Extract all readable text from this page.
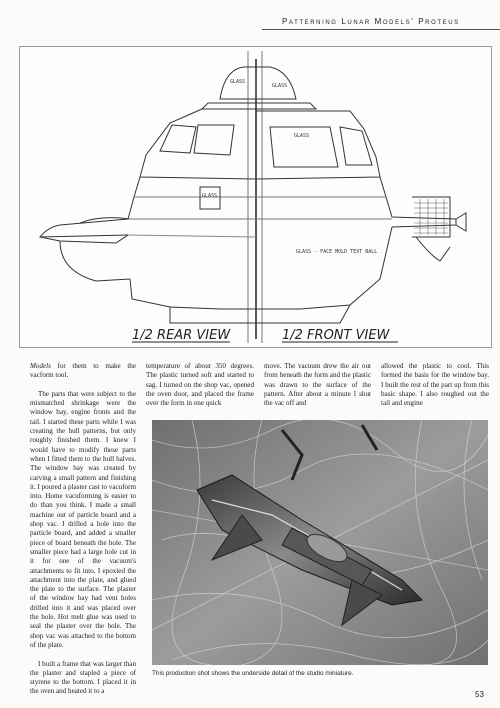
Patterning Lunar Models' Proteus
GLASS
GLASS
GLASS
GLASS
GLASS - FACE MOLD TEXT BALL
1/2 REAR VIEW	1/2 FRONT VIEW

Models for them to make the vacform tool.

The parts that were subject to the mismatched shrinkage were the window bay, engine fronts and the tail. I started these parts while I was creating the hull patterns, but only roughly finished them. I knew I would have to modify these parts when I fitted them to the hull halves. The window bay was created by carving a small pattern and finishing it. I poured a plaster cast to vacuform into. Home vacuforming is easier to do than you think. I made a small machine out of particle board and a shop vac. I drilled a hole into the particle board, and added a smaller piece of board beneath the hole. The smaller piece had a large hole cut in it for one of the vacuum's attachments to fit into. I epoxied the attachment into the plate, and glued the plate to the surface. The plaster of the window bay had vent holes drilled into it and was placed over the hole. Hot melt glue was used to seal the plaster over the hole. The shop vac was attached to the bottom of the plate.

I built a frame that was larger than the plaster and stapled a piece of styrene to the bottom. I placed it in the oven and heated it to a

temperature of about 350 degrees. The plastic turned soft and started to sag. I turned on the shop vac, opened the oven door, and placed the frame over the form in one quick
move. The vacuum drew the air out from beneath the form and the plastic was drawn to the surface of the pattern. After about a minute I shut the vac off and
allowed the plastic to cool. This formed the basis for the window bay. I built the rest of the part up from this basic shape. I also roughed out the tail and engine
This production shot shows the underside detail of the studio miniature.
53
